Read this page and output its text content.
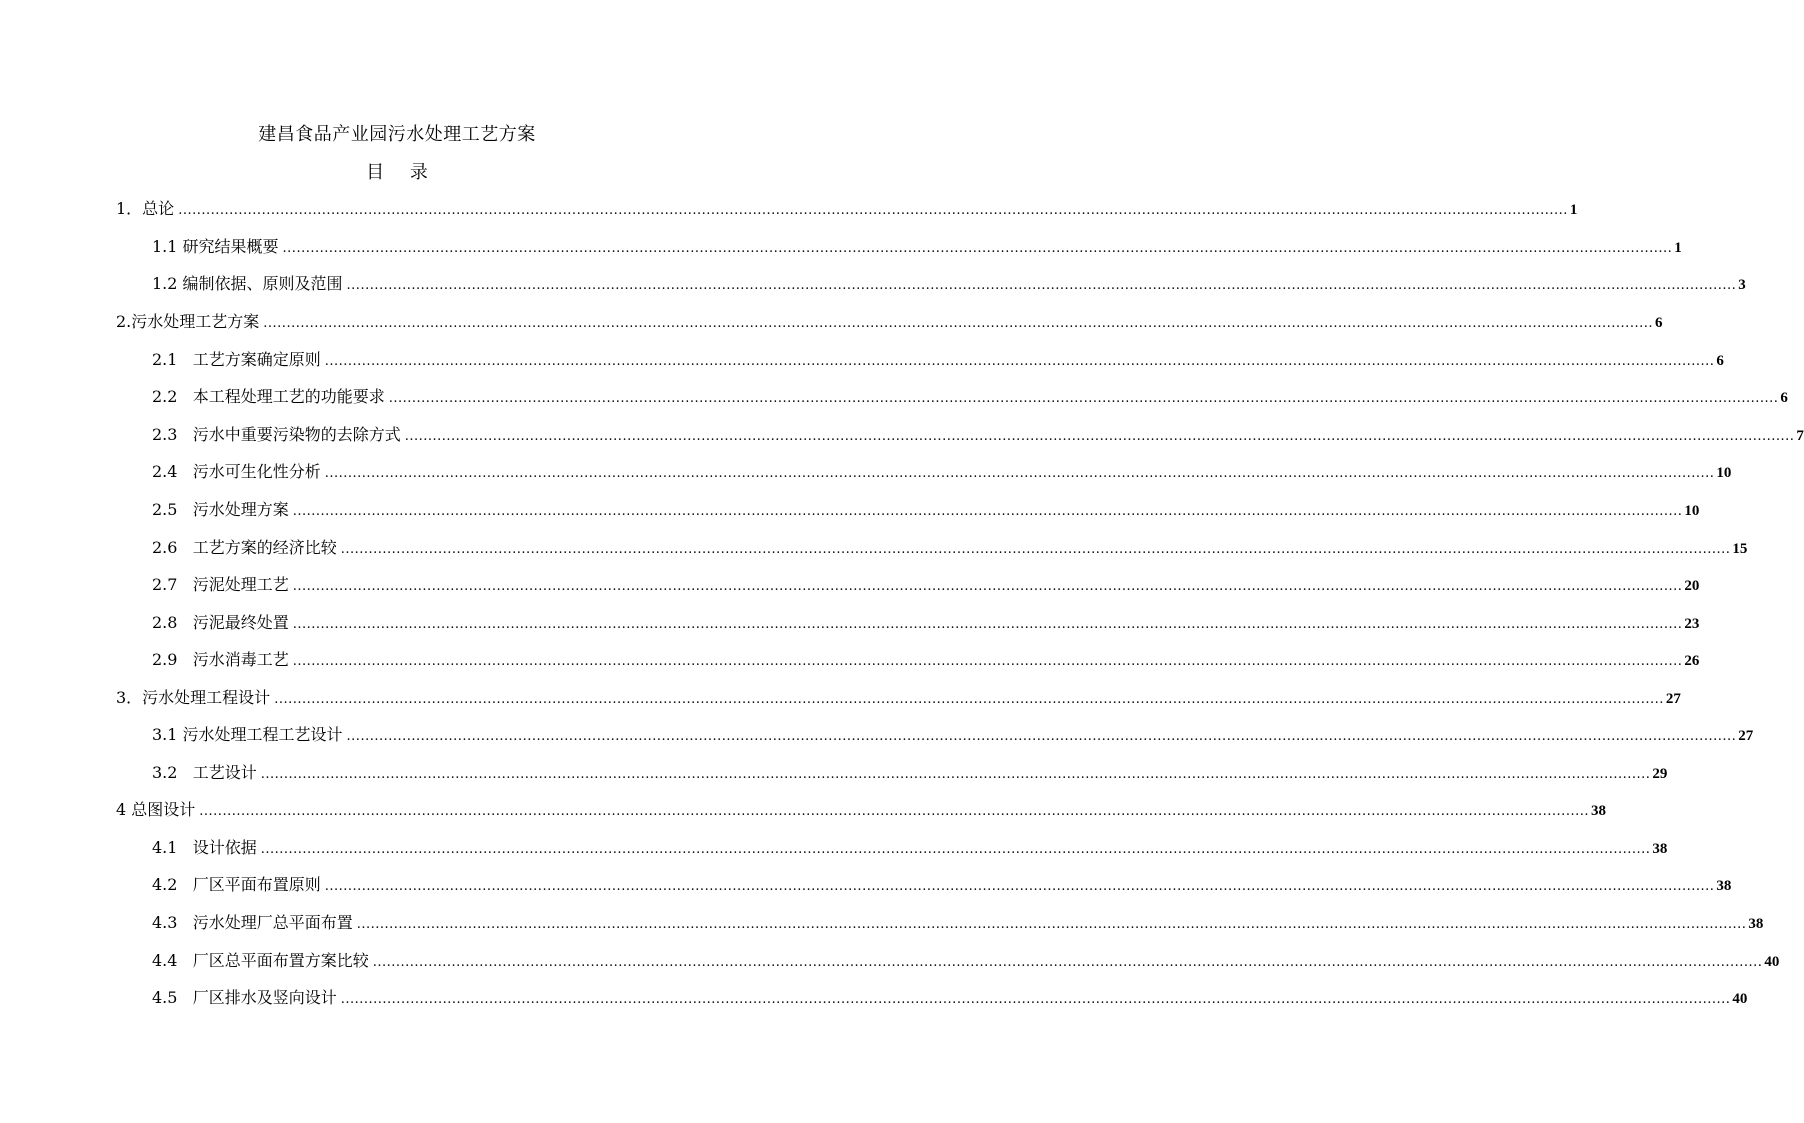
建昌食品产业园污水处理工艺方案
目 录
1．总论 ............................................................................................................................................................................................................................................................................................................ 1
1.1 研究结果概要 ............................................................................................................................................................................................................................................................................................................ 1
1.2 编制依据、原则及范围 ............................................................................................................................................................................................................................................................................................................ 3
2.污水处理工艺方案 ............................................................................................................................................................................................................................................................................................................ 6
2.1   工艺方案确定原则 ............................................................................................................................................................................................................................................................................................................ 6
2.2   本工程处理工艺的功能要求 ............................................................................................................................................................................................................................................................................................................ 6
2.3   污水中重要污染物的去除方式 ............................................................................................................................................................................................................................................................................................................ 7
2.4   污水可生化性分析 ............................................................................................................................................................................................................................................................................................................ 10
2.5   污水处理方案 ............................................................................................................................................................................................................................................................................................................ 10
2.6   工艺方案的经济比较 ............................................................................................................................................................................................................................................................................................................ 15
2.7   污泥处理工艺 ............................................................................................................................................................................................................................................................................................................ 20
2.8   污泥最终处置 ............................................................................................................................................................................................................................................................................................................ 23
2.9   污水消毒工艺 ............................................................................................................................................................................................................................................................................................................ 26
3．污水处理工程设计 ............................................................................................................................................................................................................................................................................................................ 27
3.1 污水处理工程工艺设计 ............................................................................................................................................................................................................................................................................................................ 27
3.2   工艺设计 ............................................................................................................................................................................................................................................................................................................ 29
4 总图设计 ............................................................................................................................................................................................................................................................................................................ 38
4.1   设计依据 ............................................................................................................................................................................................................................................................................................................ 38
4.2   厂区平面布置原则 ............................................................................................................................................................................................................................................................................................................ 38
4.3   污水处理厂总平面布置 ............................................................................................................................................................................................................................................................................................................ 38
4.4   厂区总平面布置方案比较 ............................................................................................................................................................................................................................................................................................................ 40
4.5   厂区排水及竖向设计 ............................................................................................................................................................................................................................................................................................................ 40
